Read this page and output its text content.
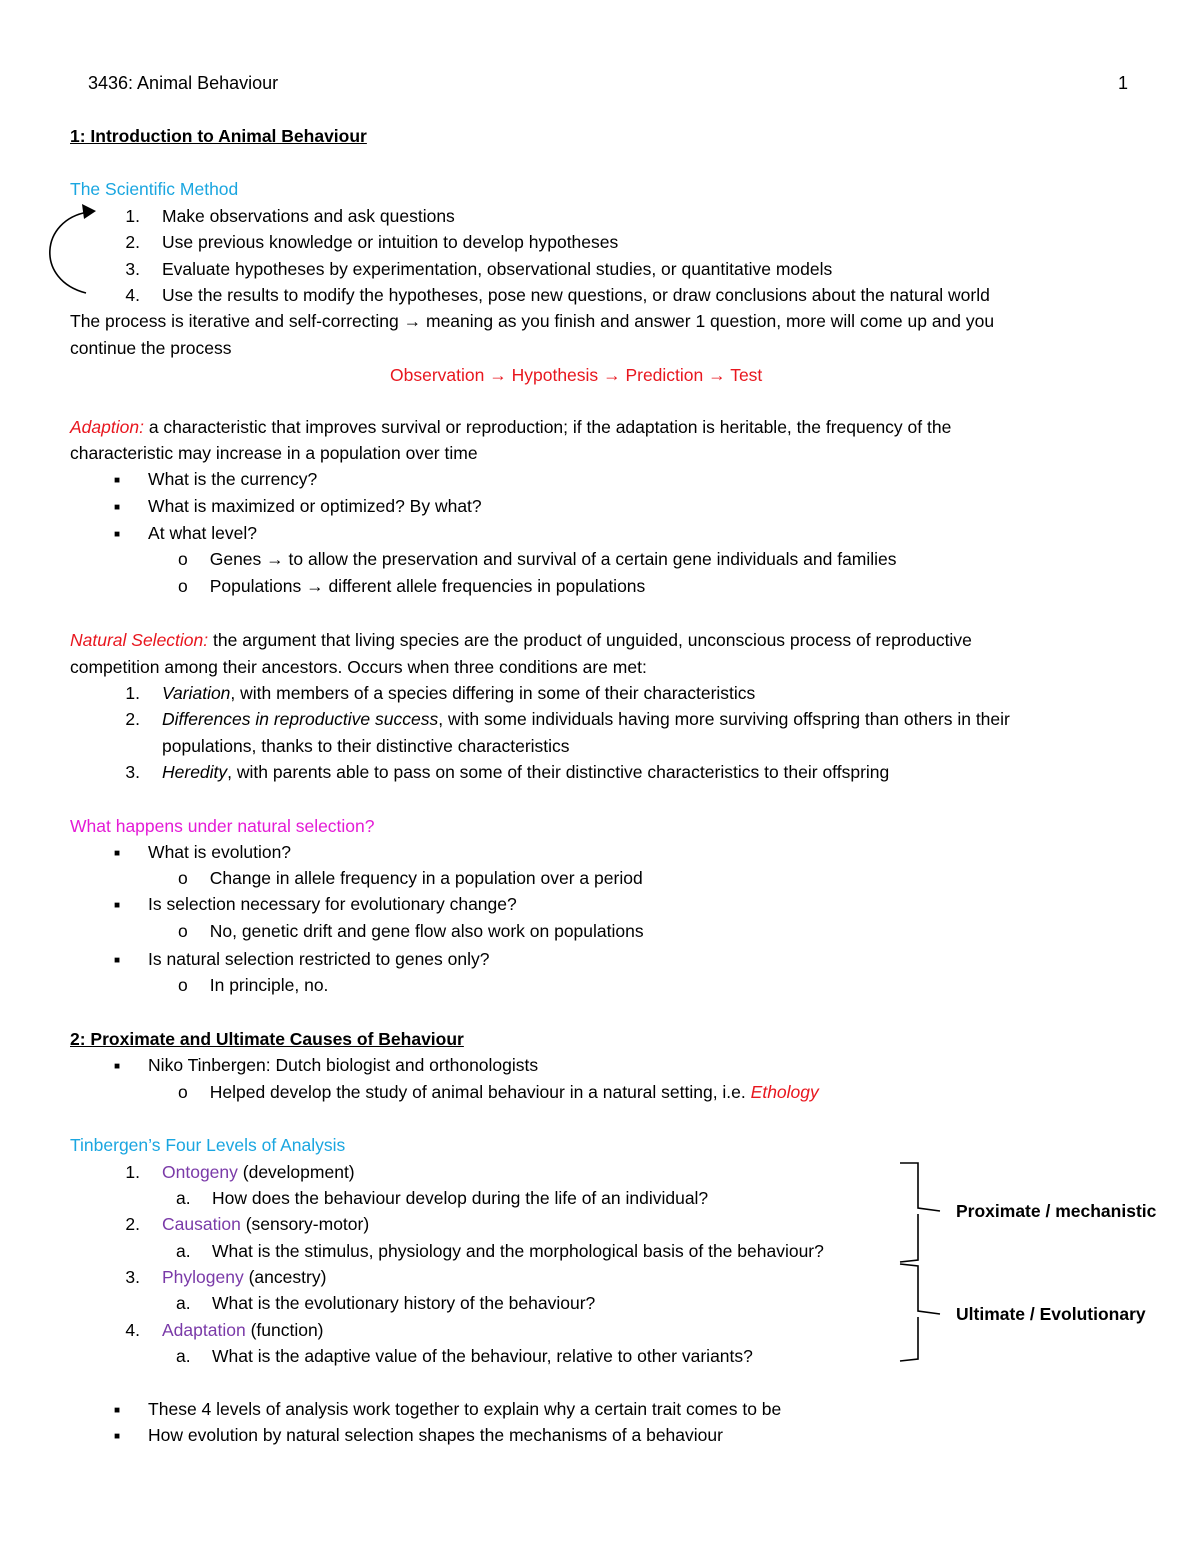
3436: Animal Behaviour	1
1: Introduction to Animal Behaviour
The Scientific Method
1. Make observations and ask questions
2. Use previous knowledge or intuition to develop hypotheses
3. Evaluate hypotheses by experimentation, observational studies, or quantitative models
4. Use the results to modify the hypotheses, pose new questions, or draw conclusions about the natural world
The process is iterative and self-correcting → meaning as you finish and answer 1 question, more will come up and you
continue the process
Observation → Hypothesis → Prediction → Test
Adaption: a characteristic that improves survival or reproduction; if the adaptation is heritable, the frequency of the
characteristic may increase in a population over time
■ What is the currency?
■ What is maximized or optimized? By what?
■ At what level?
o Genes → to allow the preservation and survival of a certain gene individuals and families
o Populations → different allele frequencies in populations
Natural Selection: the argument that living species are the product of unguided, unconscious process of reproductive
competition among their ancestors. Occurs when three conditions are met:
1. Variation, with members of a species differing in some of their characteristics
2. Differences in reproductive success, with some individuals having more surviving offspring than others in their
populations, thanks to their distinctive characteristics
3. Heredity, with parents able to pass on some of their distinctive characteristics to their offspring
What happens under natural selection?
■ What is evolution?
o Change in allele frequency in a population over a period
■ Is selection necessary for evolutionary change?
o No, genetic drift and gene flow also work on populations
■ Is natural selection restricted to genes only?
o In principle, no.
2: Proximate and Ultimate Causes of Behaviour
■ Niko Tinbergen: Dutch biologist and orthonologists
o Helped develop the study of animal behaviour in a natural setting, i.e. Ethology
Tinbergen’s Four Levels of Analysis
1. Ontogeny (development)
a. How does the behaviour develop during the life of an individual?
2. Causation (sensory-motor)
a. What is the stimulus, physiology and the morphological basis of the behaviour?
3. Phylogeny (ancestry)
a. What is the evolutionary history of the behaviour?
4. Adaptation (function)
a. What is the adaptive value of the behaviour, relative to other variants?
Proximate / mechanistic
Ultimate / Evolutionary
■ These 4 levels of analysis work together to explain why a certain trait comes to be
■ How evolution by natural selection shapes the mechanisms of a behaviour
